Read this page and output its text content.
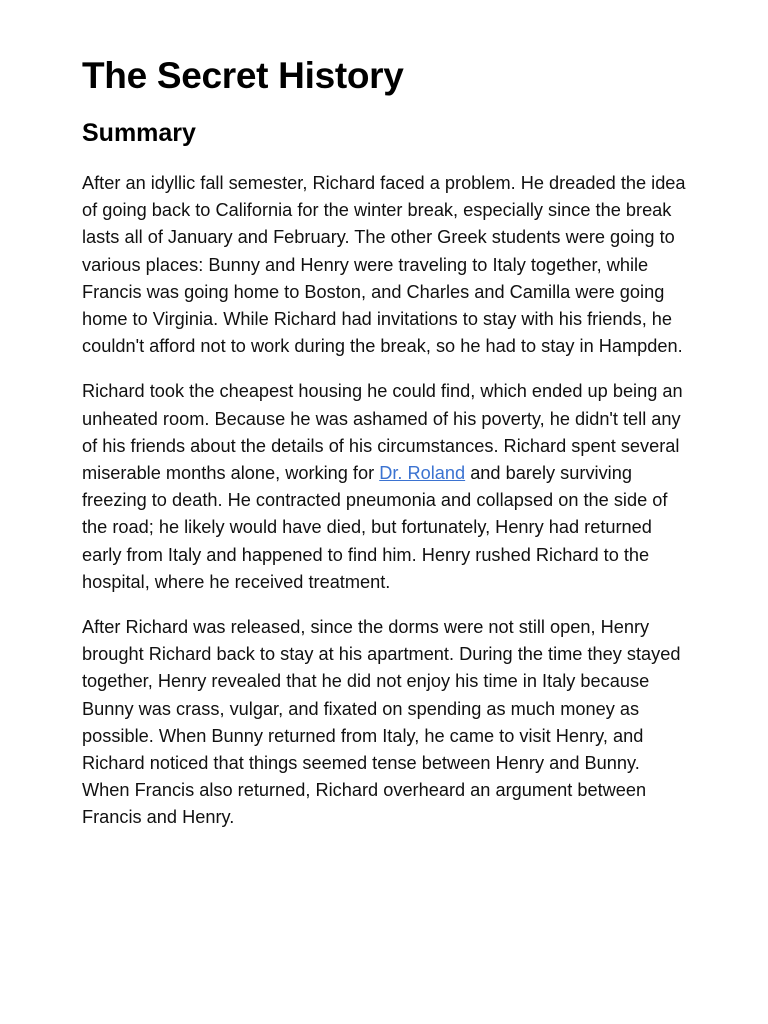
The Secret History
Summary

After an idyllic fall semester, Richard faced a problem. He dreaded the idea of going back to California for the winter break, especially since the break lasts all of January and February. The other Greek students were going to various places: Bunny and Henry were traveling to Italy together, while Francis was going home to Boston, and Charles and Camilla were going home to Virginia. While Richard had invitations to stay with his friends, he couldn't afford not to work during the break, so he had to stay in Hampden.

Richard took the cheapest housing he could find, which ended up being an unheated room. Because he was ashamed of his poverty, he didn't tell any of his friends about the details of his circumstances. Richard spent several miserable months alone, working for Dr. Roland and barely surviving freezing to death. He contracted pneumonia and collapsed on the side of the road; he likely would have died, but fortunately, Henry had returned early from Italy and happened to find him. Henry rushed Richard to the hospital, where he received treatment.

After Richard was released, since the dorms were not still open, Henry brought Richard back to stay at his apartment. During the time they stayed together, Henry revealed that he did not enjoy his time in Italy because Bunny was crass, vulgar, and fixated on spending as much money as possible. When Bunny returned from Italy, he came to visit Henry, and Richard noticed that things seemed tense between Henry and Bunny. When Francis also returned, Richard overheard an argument between Francis and Henry.
